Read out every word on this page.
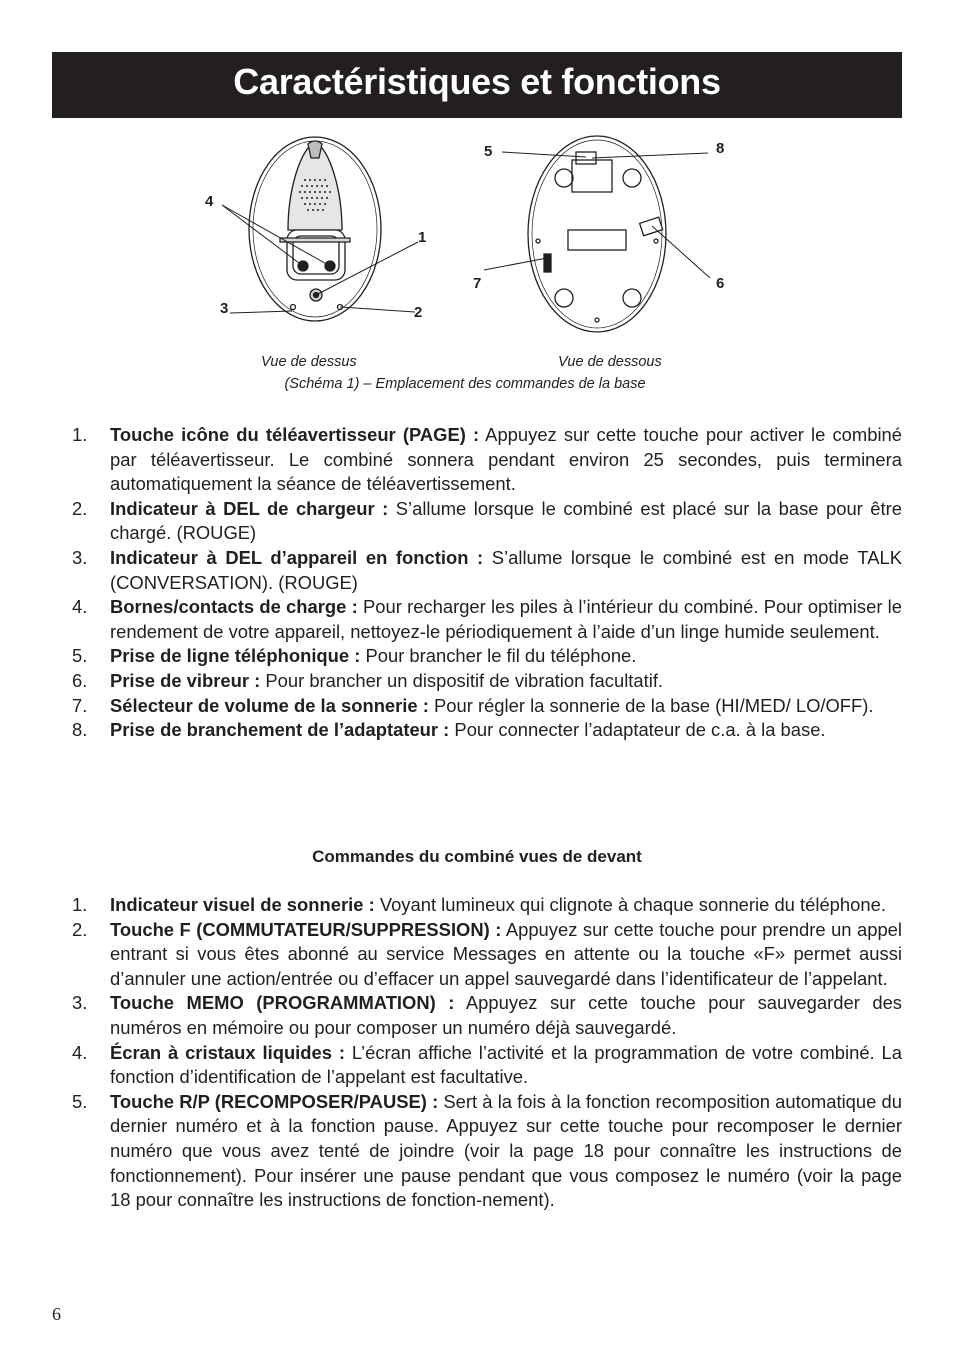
Caractéristiques et fonctions
4
1
3	2
5	8
7	6
Vue de dessus	Vue de dessous
(Schéma 1) – Emplacement des commandes de la base
1. Touche icône du téléavertisseur (PAGE) : Appuyez sur cette touche pour activer le combiné par téléavertisseur. Le combiné sonnera pendant environ 25 secondes, puis terminera automatiquement la séance de téléavertissement.
2. Indicateur à DEL de chargeur : S’allume lorsque le combiné est placé sur la base pour être chargé. (ROUGE)
3. Indicateur à DEL d’appareil en fonction : S’allume lorsque le combiné est en mode TALK (CONVERSATION). (ROUGE)
4. Bornes/contacts de charge : Pour recharger les piles à l’intérieur du combiné. Pour optimiser le rendement de votre appareil, nettoyez-le périodiquement à l’aide d’un linge humide seulement.
5. Prise de ligne téléphonique : Pour brancher le fil du téléphone.
6. Prise de vibreur : Pour brancher un dispositif de vibration facultatif.
7. Sélecteur de volume de la sonnerie : Pour régler la sonnerie de la base (HI/MED/ LO/OFF).
8. Prise de branchement de l’adaptateur : Pour connecter l’adaptateur de c.a. à la base.
Commandes du combiné vues de devant
1. Indicateur visuel de sonnerie : Voyant lumineux qui clignote à chaque sonnerie du téléphone.
2. Touche F (COMMUTATEUR/SUPPRESSION) : Appuyez sur cette touche pour prendre un appel entrant si vous êtes abonné au service Messages en attente ou la touche «F» permet aussi d’annuler une action/entrée ou d’effacer un appel sauvegardé dans l’identificateur de l’appelant.
3. Touche MEMO (PROGRAMMATION) : Appuyez sur cette touche pour sauvegarder des numéros en mémoire ou pour composer un numéro déjà sauvegardé.
4. Écran à cristaux liquides : L’écran affiche l’activité et la programmation de votre combiné. La fonction d’identification de l’appelant est facultative.
5. Touche R/P (RECOMPOSER/PAUSE) : Sert à la fois à la fonction recomposition automatique du dernier numéro et à la fonction pause. Appuyez sur cette touche pour recomposer le dernier numéro que vous avez tenté de joindre (voir la page 18 pour connaître les instructions de fonctionnement). Pour insérer une pause pendant que vous composez le numéro (voir la page 18 pour connaître les instructions de fonction-nement).
6
